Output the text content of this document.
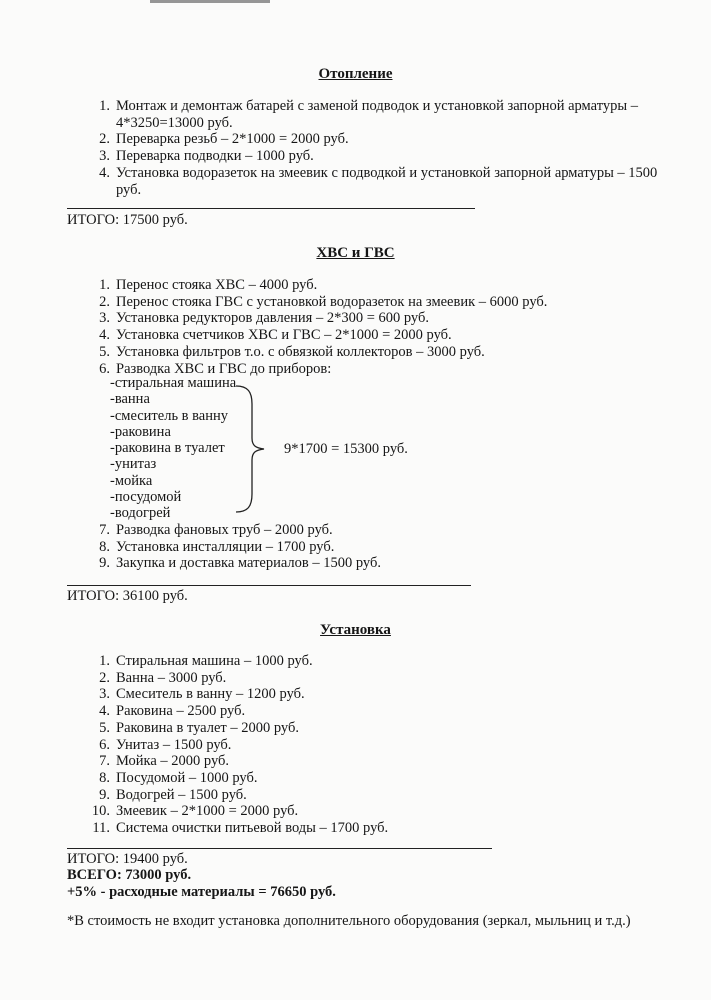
Отопление
1. Монтаж и демонтаж батарей с заменой подводок и установкой запорной арматуры –
4*3250=13000 руб.
2. Переварка резьб – 2*1000 = 2000 руб.
3. Переварка подводки – 1000 руб.
4. Установка водоразеток на змеевик с подводкой и установкой запорной арматуры – 1500
руб.
ИТОГО: 17500 руб.
ХВС и ГВС
1. Перенос стояка ХВС – 4000 руб.
2. Перенос стояка ГВС с установкой водоразеток на змеевик – 6000 руб.
3. Установка редукторов давления – 2*300 = 600 руб.
4. Установка счетчиков ХВС и ГВС – 2*1000 = 2000 руб.
5. Установка фильтров т.о. с обвязкой коллекторов – 3000 руб.
6. Разводка ХВС и ГВС до приборов:
-стиральная машина
-ванна
-смеситель в ванну
-раковина
-раковина в туалет
-унитаз
-мойка
-посудомой
-водогрей
9*1700 = 15300 руб.
7. Разводка фановых труб – 2000 руб.
8. Установка инсталляции – 1700 руб.
9. Закупка и доставка материалов – 1500 руб.
ИТОГО: 36100 руб.
Установка
1. Стиральная машина – 1000 руб.
2. Ванна – 3000 руб.
3. Смеситель в ванну – 1200 руб.
4. Раковина – 2500 руб.
5. Раковина в туалет – 2000 руб.
6. Унитаз – 1500 руб.
7. Мойка – 2000 руб.
8. Посудомой – 1000 руб.
9. Водогрей – 1500 руб.
10. Змеевик – 2*1000 = 2000 руб.
11. Система очистки питьевой воды – 1700 руб.
ИТОГО: 19400 руб.
ВСЕГО: 73000 руб.
+5% - расходные материалы = 76650 руб.
*В стоимость не входит установка дополнительного оборудования (зеркал, мыльниц и т.д.)
